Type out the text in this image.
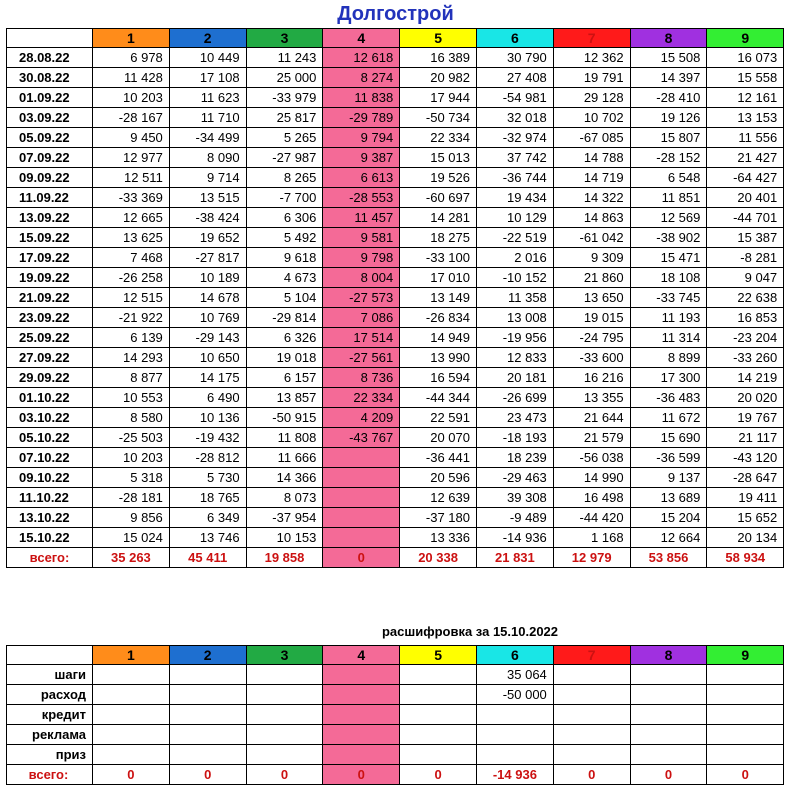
Долгострой
	1	2	3	4	5	6	7	8	9
28.08.22	6 978	10 449	11 243	12 618	16 389	30 790	12 362	15 508	16 073
30.08.22	11 428	17 108	25 000	8 274	20 982	27 408	19 791	14 397	15 558
01.09.22	10 203	11 623	-33 979	11 838	17 944	-54 981	29 128	-28 410	12 161
03.09.22	-28 167	11 710	25 817	-29 789	-50 734	32 018	10 702	19 126	13 153
05.09.22	9 450	-34 499	5 265	9 794	22 334	-32 974	-67 085	15 807	11 556
07.09.22	12 977	8 090	-27 987	9 387	15 013	37 742	14 788	-28 152	21 427
09.09.22	12 511	9 714	8 265	6 613	19 526	-36 744	14 719	6 548	-64 427
11.09.22	-33 369	13 515	-7 700	-28 553	-60 697	19 434	14 322	11 851	20 401
13.09.22	12 665	-38 424	6 306	11 457	14 281	10 129	14 863	12 569	-44 701
15.09.22	13 625	19 652	5 492	9 581	18 275	-22 519	-61 042	-38 902	15 387
17.09.22	7 468	-27 817	9 618	9 798	-33 100	2 016	9 309	15 471	-8 281
19.09.22	-26 258	10 189	4 673	8 004	17 010	-10 152	21 860	18 108	9 047
21.09.22	12 515	14 678	5 104	-27 573	13 149	11 358	13 650	-33 745	22 638
23.09.22	-21 922	10 769	-29 814	7 086	-26 834	13 008	19 015	11 193	16 853
25.09.22	6 139	-29 143	6 326	17 514	14 949	-19 956	-24 795	11 314	-23 204
27.09.22	14 293	10 650	19 018	-27 561	13 990	12 833	-33 600	8 899	-33 260
29.09.22	8 877	14 175	6 157	8 736	16 594	20 181	16 216	17 300	14 219
01.10.22	10 553	6 490	13 857	22 334	-44 344	-26 699	13 355	-36 483	20 020
03.10.22	8 580	10 136	-50 915	4 209	22 591	23 473	21 644	11 672	19 767
05.10.22	-25 503	-19 432	11 808	-43 767	20 070	-18 193	21 579	15 690	21 117
07.10.22	10 203	-28 812	11 666		-36 441	18 239	-56 038	-36 599	-43 120
09.10.22	5 318	5 730	14 366		20 596	-29 463	14 990	9 137	-28 647
11.10.22	-28 181	18 765	8 073		12 639	39 308	16 498	13 689	19 411
13.10.22	9 856	6 349	-37 954		-37 180	-9 489	-44 420	15 204	15 652
15.10.22	15 024	13 746	10 153		13 336	-14 936	1 168	12 664	20 134
всего:	35 263	45 411	19 858	0	20 338	21 831	12 979	53 856	58 934
расшифровка за 15.10.2022
	1	2	3	4	5	6	7	8	9
шаги						35 064			
расход						-50 000			
кредит									
реклама									
приз									
всего:	0	0	0	0	0	-14 936	0	0	0
